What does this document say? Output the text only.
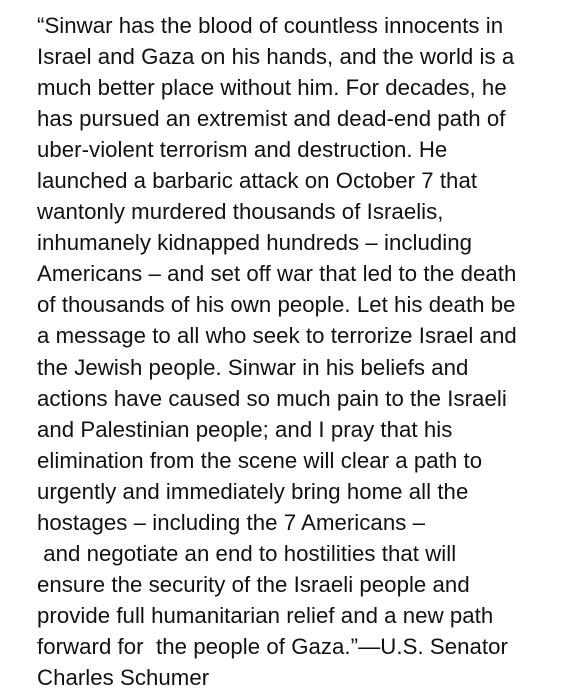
“Sinwar has the blood of countless innocents in
Israel and Gaza on his hands, and the world is a
much better place without him. For decades, he
has pursued an extremist and dead-end path of
uber-violent terrorism and destruction. He
launched a barbaric attack on October 7 that
wantonly murdered thousands of Israelis,
inhumanely kidnapped hundreds – including
Americans – and set off war that led to the death
of thousands of his own people. Let his death be
a message to all who seek to terrorize Israel and
the Jewish people. Sinwar in his beliefs and
actions have caused so much pain to the Israeli
and Palestinian people; and I pray that his
elimination from the scene will clear a path to
urgently and immediately bring home all the
hostages – including the 7 Americans –
and negotiate an end to hostilities that will
ensure the security of the Israeli people and
provide full humanitarian relief and a new path
forward for  the people of Gaza.”—U.S. Senator
Charles Schumer
